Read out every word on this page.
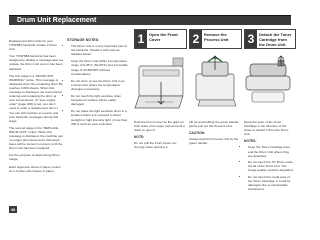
Drum Unit Replacement

Replacement Drum Kits for your TOSHIBA facsimile include a Drum Unit.

Your TOSHIBA facsimile has been designed to display a message alert to replace the Drum Unit once it has been depleted.

The first stage is a “DRUM UNIT WARNING” notice. This message is displayed when the remaining drum life reaches 4,000 sheets. When this message is displayed, we recommend ordering and replacing the drum at your convenience. (If “auto supply order” (page 206) is set, you don’t need to order a replacement drum.) You can still continue to receive and print facsimile messages during this stage.

The second stage is the “REPLACE DRUM UNIT” notice. When this message is displayed, the machine can no longer print documents. Received faxes will be stored in memory until the Drum Unit has been replaced.

For the purpose of determining Drum usage,

Each legal-size sheet of paper counts as 1.3 letter-size sheets of paper.

STORAGE NOTES:
• The Drum Unit is a very important part of the facsimile. Handle it with care as detailed below:
• Keep the Drum Unit within a temperature range of 0-35°C (32-95°F) and a humidity range of 20-80%RH (without condensation).
• Do not store or use the Drum Unit in an environment where the temperature changes excessively.
• Do not touch the light sensitive drum because its surface will be easily damaged.
• Do not place the light sensitive drum in a location where it is exposed to direct sunlight or high intensity light. (more than 300 lx such as near a window.
1	Open the Front Cover	2	Remove the Process Unit	3	Detach the Toner Cartridge from the Drum Unit

Hold the Front Cover by the grips on both sides of its upper part and pull it down to open it.

NOTE:

Do not pull the Front Cover too strongly when opening it.

Lift up and holding the green handle, gently pull out the Process Unit.

CAUTION:

Always hold the Process Unit by the green handle.

Move the lever of the Toner Cartridge in the direction of the arrow to detach it from the Drum Unit.

NOTES:

• Keep the Toner Cartridge level and the Drum Unit where they are detached.
• Do not touch the PC Drum under the lid of the Drum Unit. The image quality could be degraded.
• Do not touch the metal area of the Toner Cartridge. It could be damaged due to electrostatic interference.
46
